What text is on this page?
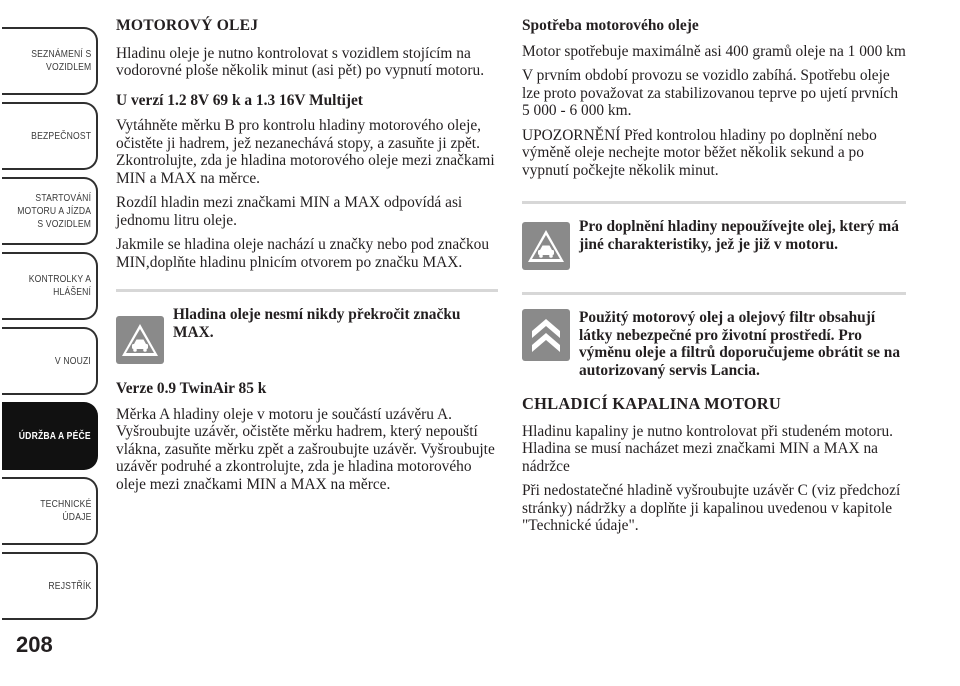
SEZNÁMENÍ S
VOZIDLEM
BEZPEČNOST
STARTOVÁNÍ
MOTORU A JÍZDA
S VOZIDLEM
KONTROLKY A
HLÁŠENÍ
V NOUZI
ÚDRŽBA A PÉČE
TECHNICKÉ
ÚDAJE
REJSTŘÍK
208
MOTOROVÝ OLEJ

Hladinu oleje je nutno kontrolovat s vozidlem stojícím na vodorovné ploše několik minut (asi pět) po vypnutí motoru.

U verzí 1.2 8V 69 k a 1.3 16V Multijet

Vytáhněte měrku B pro kontrolu hladiny motorového oleje, očistěte ji hadrem, jež nezanechává stopy, a zasuňte ji zpět. Zkontrolujte, zda je hladina motorového oleje mezi značkami MIN a MAX na měrce.

Rozdíl hladin mezi značkami MIN a MAX odpovídá asi jednomu litru oleje.

Jakmile se hladina oleje nachází u značky nebo pod značkou MIN,doplňte hladinu plnicím otvorem po značku MAX.

Hladina oleje nesmí nikdy překročit značku MAX.
Verze 0.9 TwinAir 85 k

Měrka A hladiny oleje v motoru je součástí uzávěru A. Vyšroubujte uzávěr, očistěte měrku hadrem, který nepouští vlákna, zasuňte měrku zpět a zašroubujte uzávěr. Vyšroubujte uzávěr podruhé a zkontrolujte, zda je hladina motorového oleje mezi značkami MIN a MAX na měrce.

Spotřeba motorového oleje

Motor spotřebuje maximálně asi 400 gramů oleje na 1 000 km

V prvním období provozu se vozidlo zabíhá. Spotřebu oleje lze proto považovat za stabilizovanou teprve po ujetí prvních 5 000 - 6 000 km.

UPOZORNĚNÍ Před kontrolou hladiny po doplnění nebo výměně oleje nechejte motor běžet několik sekund a po vypnutí počkejte několik minut.

Pro doplnění hladiny nepoužívejte olej, který má jiné charakteristiky, jež je již v motoru.
Použitý motorový olej a olejový filtr obsahují látky nebezpečné pro životní prostředí. Pro výměnu oleje a filtrů doporučujeme obrátit se na autorizovaný servis Lancia.
CHLADICÍ KAPALINA MOTORU

Hladinu kapaliny je nutno kontrolovat při studeném motoru. Hladina se musí nacházet mezi značkami MIN a MAX na nádržce

Při nedostatečné hladině vyšroubujte uzávěr C (viz předchozí stránky) nádržky a doplňte ji kapalinou uvedenou v kapitole "Technické údaje".
